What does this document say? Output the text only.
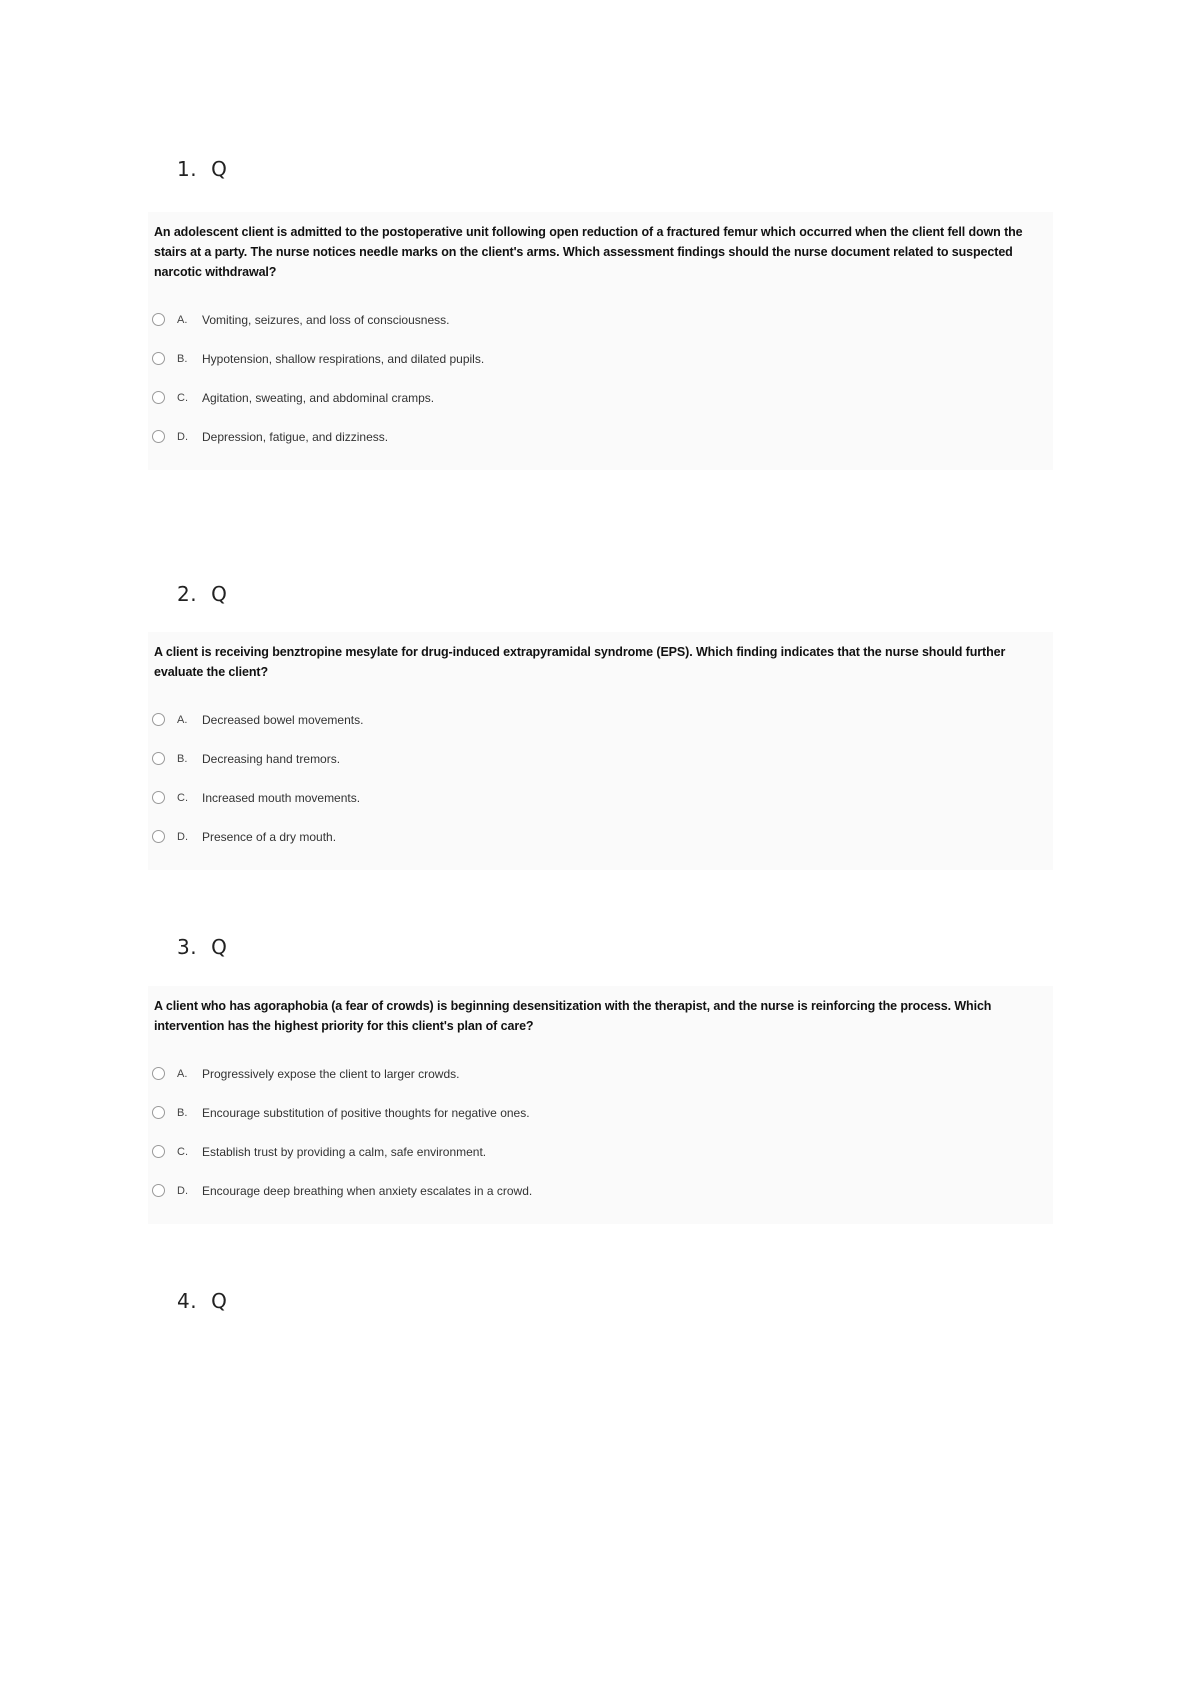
1. Q

An adolescent client is admitted to the postoperative unit following open reduction of a fractured femur which occurred when the client fell down the stairs at a party. The nurse notices needle marks on the client's arms. Which assessment findings should the nurse document related to suspected narcotic withdrawal?

A.	Vomiting, seizures, and loss of consciousness.
B.	Hypotension, shallow respirations, and dilated pupils.
C.	Agitation, sweating, and abdominal cramps.
D.	Depression, fatigue, and dizziness.
2. Q

A client is receiving benztropine mesylate for drug-induced extrapyramidal syndrome (EPS). Which finding indicates that the nurse should further evaluate the client?

A.	Decreased bowel movements.
B.	Decreasing hand tremors.
C.	Increased mouth movements.
D.	Presence of a dry mouth.
3. Q

A client who has agoraphobia (a fear of crowds) is beginning desensitization with the therapist, and the nurse is reinforcing the process. Which intervention has the highest priority for this client's plan of care?

A.	Progressively expose the client to larger crowds.
B.	Encourage substitution of positive thoughts for negative ones.
C.	Establish trust by providing a calm, safe environment.
D.	Encourage deep breathing when anxiety escalates in a crowd.
4. Q
